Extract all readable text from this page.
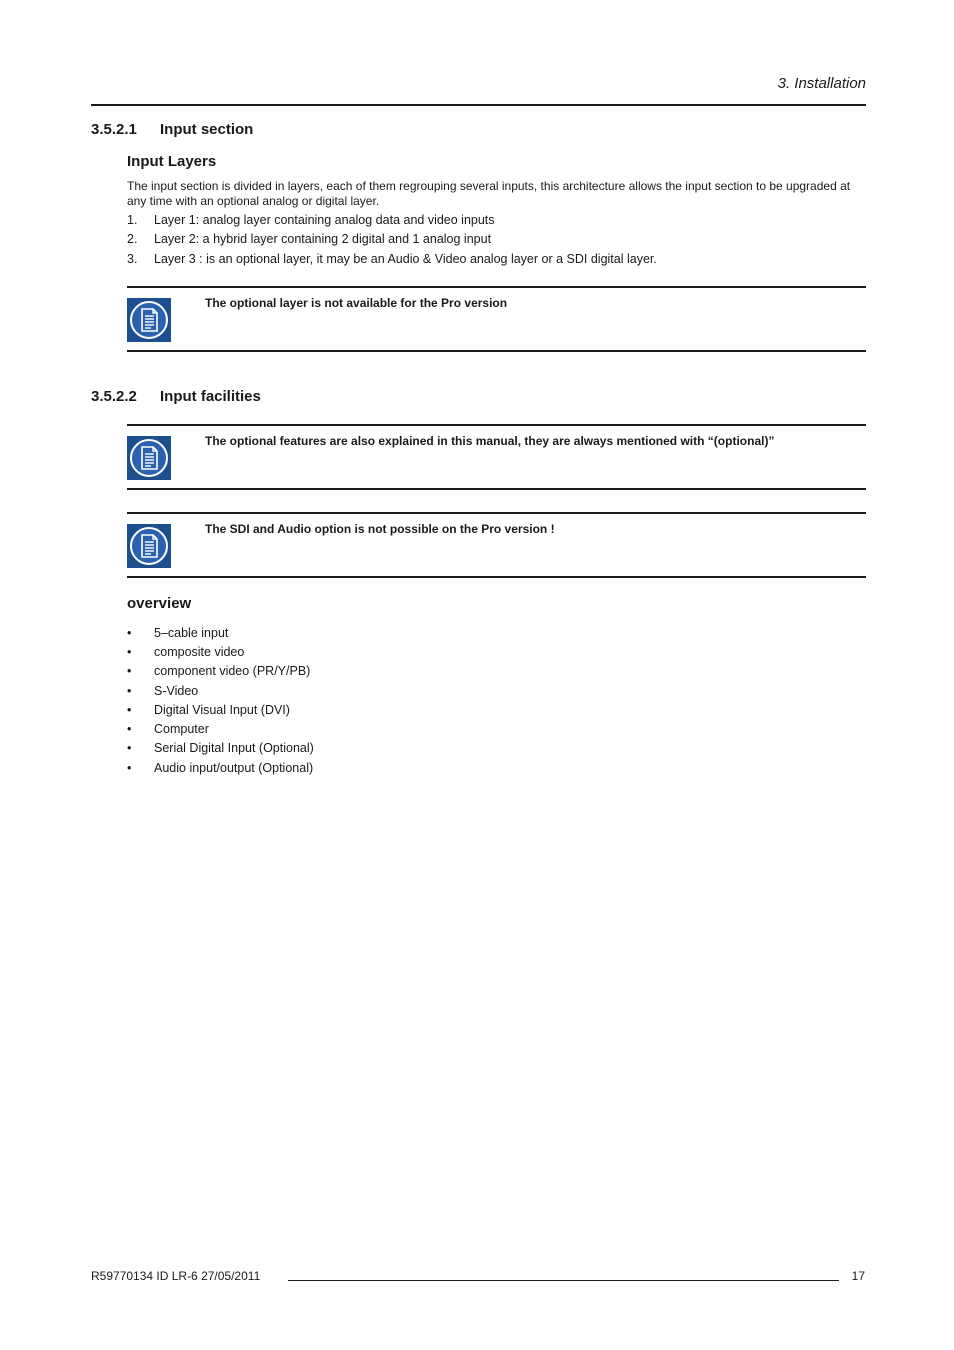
3. Installation
3.5.2.1 Input section
Input Layers
The input section is divided in layers, each of them regrouping several inputs, this architecture allows the input section to be upgraded at any time with an optional analog or digital layer.
1. Layer 1: analog layer containing analog data and video inputs
2. Layer 2: a hybrid layer containing 2 digital and 1 analog input
3. Layer 3 : is an optional layer, it may be an Audio & Video analog layer or a SDI digital layer.
The optional layer is not available for the Pro version
3.5.2.2 Input facilities
The optional features are also explained in this manual, they are always mentioned with “(optional)”
The SDI and Audio option is not possible on the Pro version !
overview
• 5–cable input
• composite video
• component video (PR/Y/PB)
• S-Video
• Digital Visual Input (DVI)
• Computer
• Serial Digital Input (Optional)
• Audio input/output (Optional)
R59770134 ID LR-6 27/05/2011	17
